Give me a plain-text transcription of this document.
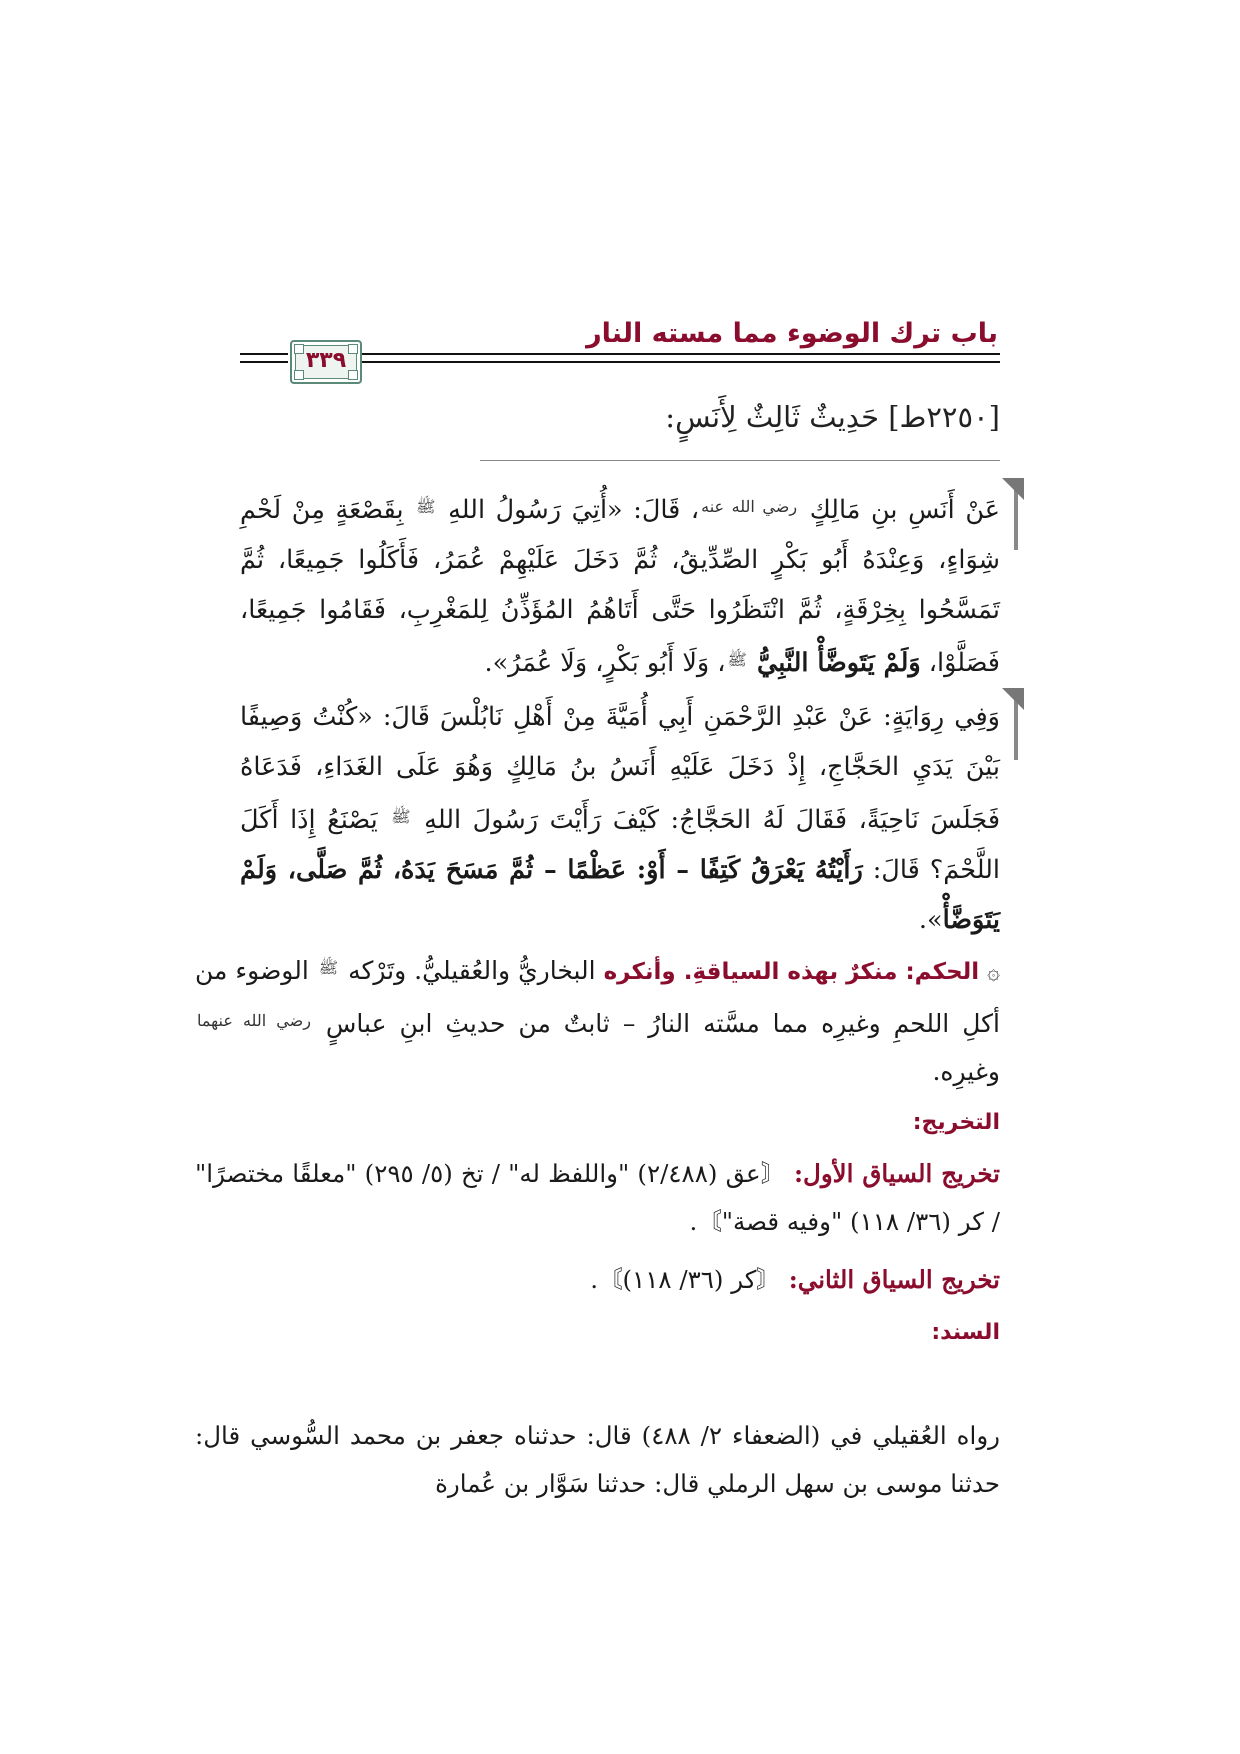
باب ترك الوضوء مما مسته النار
٣٣٩
[٢٢٥٠ط] حَدِيثٌ ثَالِثٌ لِأَنَسٍ:

عَنْ أَنَسِ بنِ مَالِكٍ $^{رضي الله عنه}$، قَالَ: «أُتِيَ رَسُولُ اللهِ $^ﷺ$ بِقَصْعَةٍ مِنْ لَحْمِ شِوَاءٍ، وَعِنْدَهُ أَبُو بَكْرٍ الصِّدِّيقُ، ثُمَّ دَخَلَ عَلَيْهِمْ عُمَرُ، فَأَكَلُوا جَمِيعًا، ثُمَّ تَمَسَّحُوا بِخِرْقَةٍ، ثُمَّ انْتَظَرُوا حَتَّى أَتَاهُمُ المُؤَذِّنُ لِلمَغْرِبِ، فَقَامُوا جَمِيعًا، فَصَلَّوْا، وَلَمْ يَتَوضَّأْ النَّبِيُّ $^ﷺ$، وَلَا أَبُو بَكْرٍ، وَلَا عُمَرُ».

وَفِي رِوَايَةٍ: عَنْ عَبْدِ الرَّحْمَنِ أَبِي أُمَيَّةَ مِنْ أَهْلِ نَابُلْسَ قَالَ: «كُنْتُ وَصِيفًا بَيْنَ يَدَيِ الحَجَّاجِ، إِذْ دَخَلَ عَلَيْهِ أَنَسُ بنُ مَالِكٍ وَهُوَ عَلَى الغَدَاءِ، فَدَعَاهُ فَجَلَسَ نَاحِيَةً، فَقَالَ لَهُ الحَجَّاجُ: كَيْفَ رَأَيْتَ رَسُولَ اللهِ $^ﷺ$ يَصْنَعُ إِذَا أَكَلَ اللَّحْمَ؟ قَالَ: رَأَيْتُهُ يَعْرَقُ كَتِفًا – أَوْ: عَظْمًا – ثُمَّ مَسَحَ يَدَهُ، ثُمَّ صَلَّى، وَلَمْ يَتَوَضَّأْ».

۞ الحكم: منكرٌ بهذه السياقةِ. وأنكره البخاريُّ والعُقيليُّ. وتَرْكه $^ﷺ$ الوضوء من أكلِ اللحمِ وغيرِه مما مسَّته النارُ – ثابتٌ من حديثِ ابنِ عباسٍ $^{رضي الله عنهما}$ وغيرِه.
التخريج:
تخريج السياق الأول: 〘عق (٢/٤٨٨) "واللفظ له" / تخ (٥/ ٢٩٥) "معلقًا مختصرًا" / كر (٣٦/ ١١٨) "وفيه قصة"〙.
تخريج السياق الثاني: 〘كر (٣٦/ ١١٨)〙.
السند:
رواه العُقيلي في (الضعفاء ٢/ ٤٨٨) قال: حدثناه جعفر بن محمد السُّوسي قال: حدثنا موسى بن سهل الرملي قال: حدثنا سَوَّار بن عُمارة
